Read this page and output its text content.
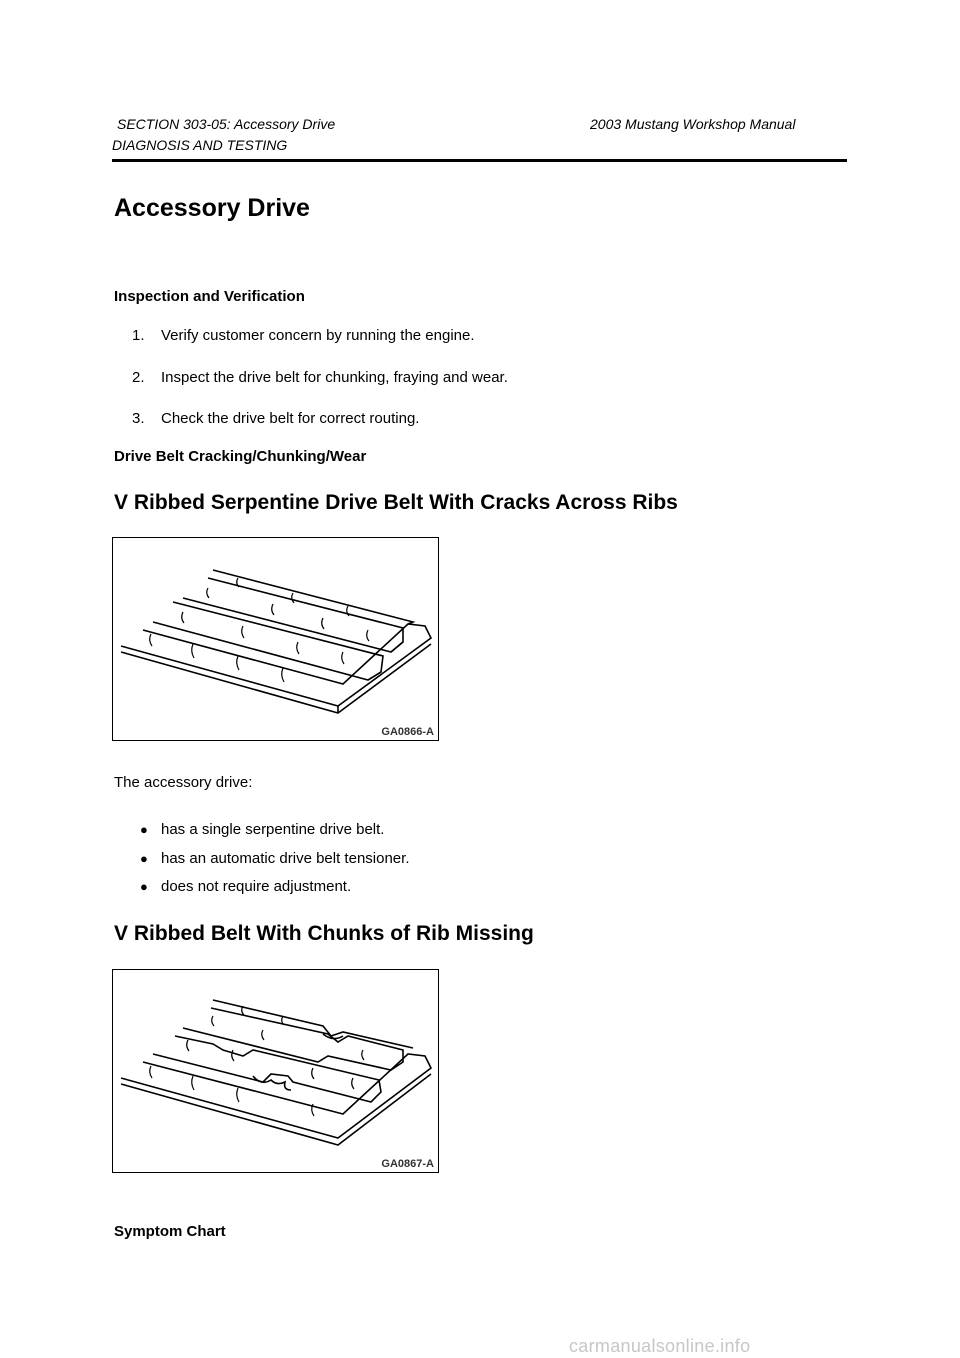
SECTION 303-05: Accessory Drive	2003 Mustang Workshop Manual
DIAGNOSIS AND TESTING
Accessory Drive
Inspection and Verification
1. Verify customer concern by running the engine.
2. Inspect the drive belt for chunking, fraying and wear.
3. Check the drive belt for correct routing.
Drive Belt Cracking/Chunking/Wear
V Ribbed Serpentine Drive Belt With Cracks Across Ribs
GA0866-A
The accessory drive:
● has a single serpentine drive belt.
● has an automatic drive belt tensioner.
● does not require adjustment.
V Ribbed Belt With Chunks of Rib Missing
GA0867-A
Symptom Chart
carmanualsonline.info
